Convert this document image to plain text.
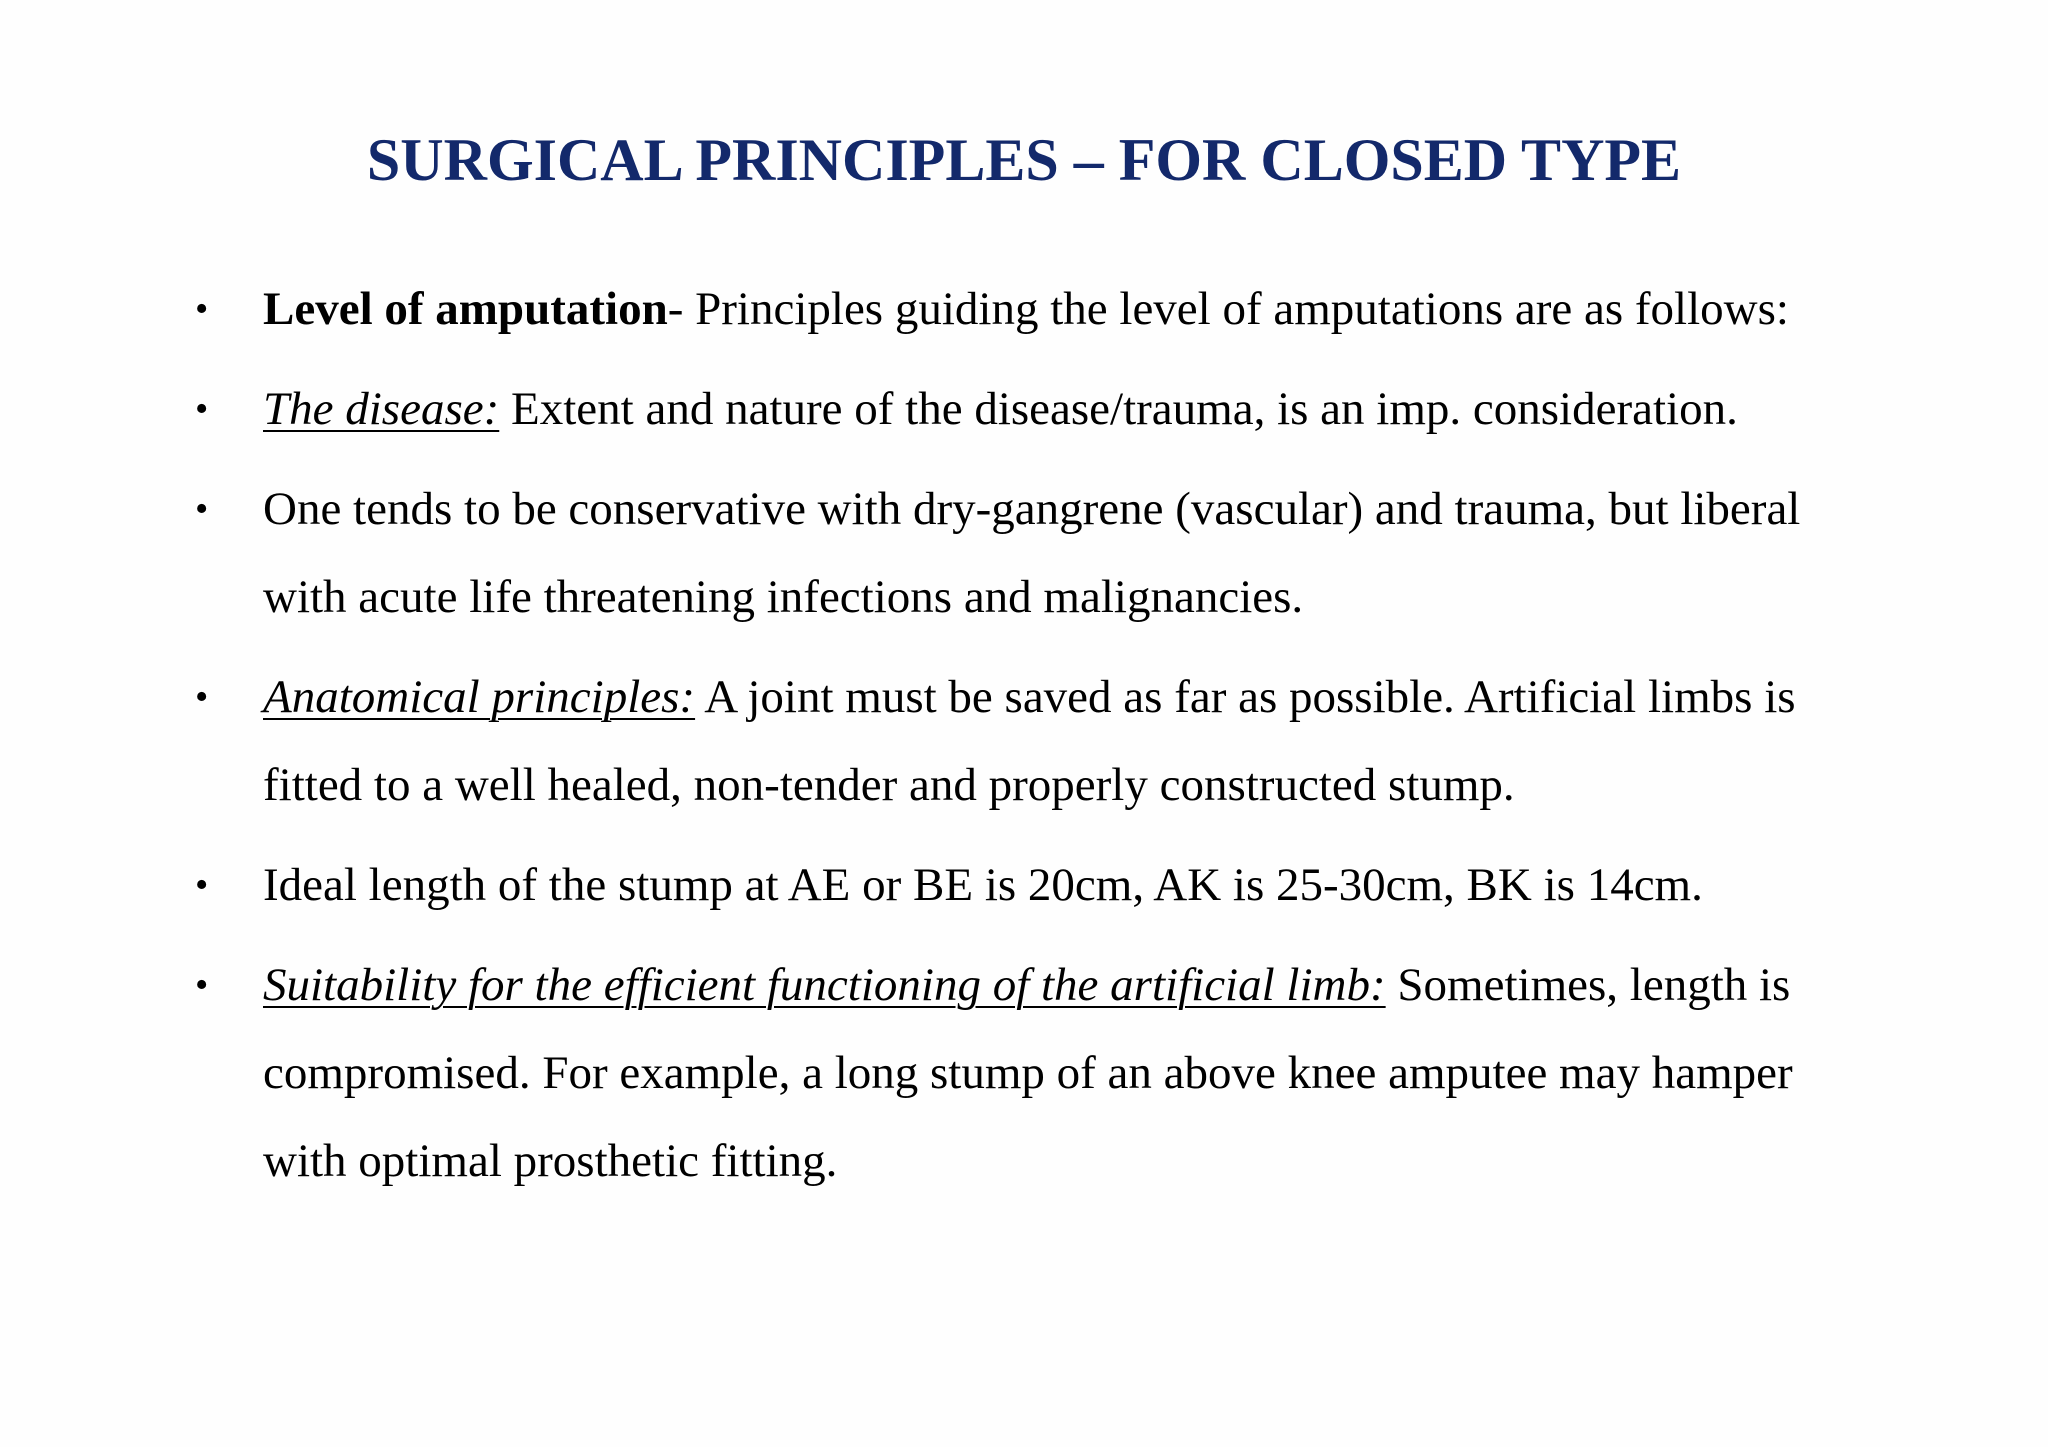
SURGICAL PRINCIPLES – FOR CLOSED TYPE
• Level of amputation- Principles guiding the level of amputations are as follows:
• The disease: Extent and nature of the disease/trauma, is an imp. consideration.
• One tends to be conservative with dry-gangrene (vascular) and trauma, but liberal with acute life threatening infections and malignancies.
• Anatomical principles: A joint must be saved as far as possible. Artificial limbs is fitted to a well healed, non-tender and properly constructed stump.
• Ideal length of the stump at AE or BE is 20cm, AK is 25-30cm, BK is 14cm.
• Suitability for the efficient functioning of the artificial limb: Sometimes, length is compromised. For example, a long stump of an above knee amputee may hamper with optimal prosthetic fitting.
